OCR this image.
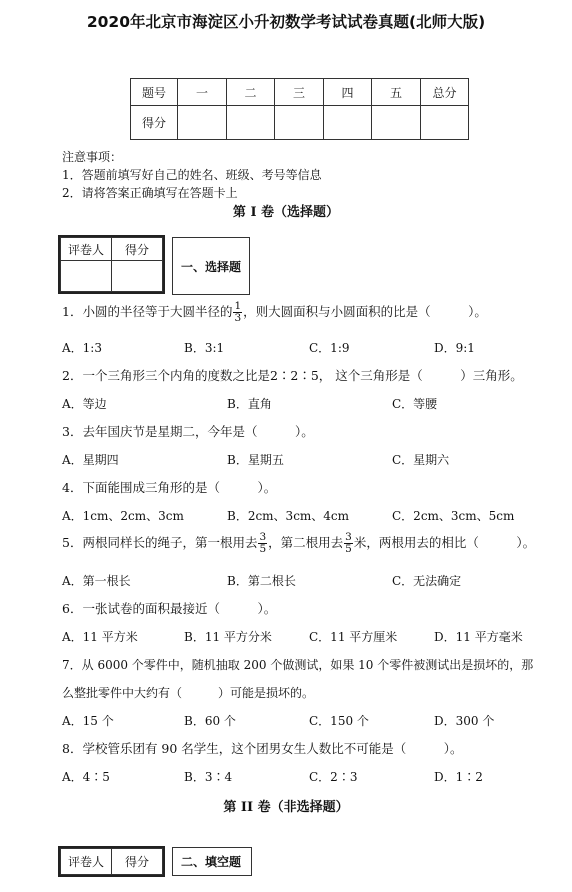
2020年北京市海淀区小升初数学考试试卷真题(北师大版)
题号	一	二	三	四	五	总分
得分						
注意事项：
1．答题前填写好自己的姓名、班级、考号等信息
2．请将答案正确填写在答题卡上
第 I 卷（选择题）
评卷人	得分

一、选择题
1．小圆的半径等于大圆半径的 $\frac{1}{3}$ ，则大圆面积与小圆面积的比是（　　　）。
A．1:3	B．3:1	C．1:9	D．9:1
2．一个三角形三个内角的度数之比是2∶2∶5， 这个三角形是（　　　）三角形。
A．等边	B．直角	C．等腰
3．去年国庆节是星期二，今年是（　　　）。
A．星期四	B．星期五	C．星期六
4．下面能围成三角形的是（　　　）。
A．1cm、2cm、3cm	B．2cm、3cm、4cm	C．2cm、3cm、5cm
5．两根同样长的绳子，第一根用去 $\frac{3}{5}$ ，第二根用去 $\frac{3}{5}$ 米，两根用去的相比（　　　）。
A．第一根长	B．第二根长	C．无法确定
6．一张试卷的面积最接近（　　　）。
A．11 平方米	B．11 平方分米	C．11 平方厘米	D．11 平方毫米
7．从 6000 个零件中，随机抽取 200 个做测试，如果 10 个零件被测试出是损坏的，那
么整批零件中大约有（　　　）可能是损坏的。
A．15 个	B．60 个	C．150 个	D．300 个
8．学校管乐团有 90 名学生，这个团男女生人数比不可能是（　　　）。
A．4∶5	B．3∶4	C．2∶3	D．1∶2
第 II 卷（非选择题）
评卷人	得分	二、填空题
